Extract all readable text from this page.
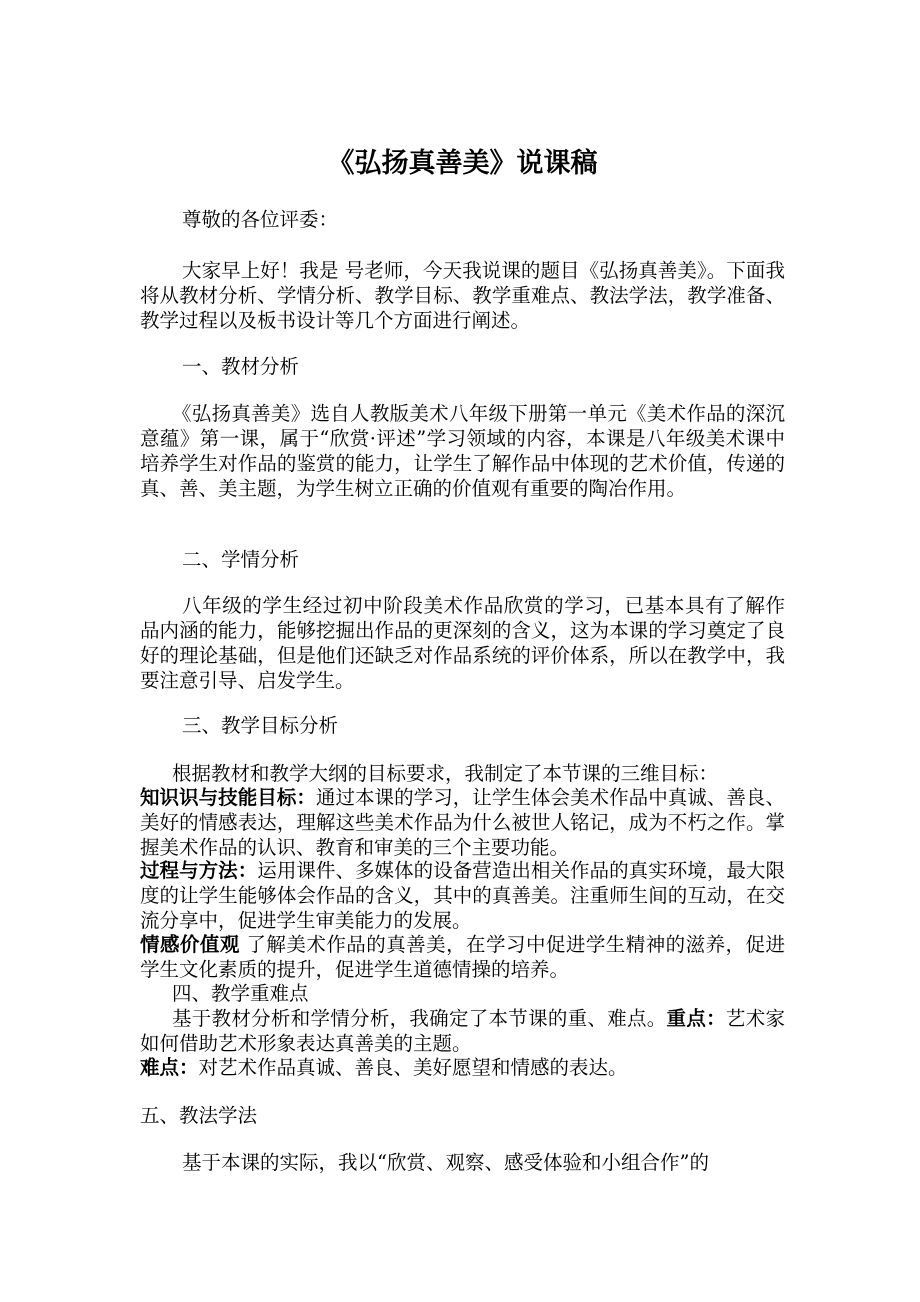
《弘扬真善美》说课稿
尊敬的各位评委：
大家早上好！我是 号老师，今天我说课的题目《弘扬真善美》。下面我将从教材分析、学情分析、教学目标、教学重难点、教法学法，教学准备、教学过程以及板书设计等几个方面进行阐述。
一、教材分析
《弘扬真善美》选自人教版美术八年级下册第一单元《美术作品的深沉意蕴》第一课，属于“欣赏·评述”学习领域的内容，本课是八年级美术课中培养学生对作品的鉴赏的能力，让学生了解作品中体现的艺术价值，传递的真、善、美主题，为学生树立正确的价值观有重要的陶冶作用。
二、学情分析
八年级的学生经过初中阶段美术作品欣赏的学习，已基本具有了解作品内涵的能力，能够挖掘出作品的更深刻的含义，这为本课的学习奠定了良好的理论基础，但是他们还缺乏对作品系统的评价体系，所以在教学中，我要注意引导、启发学生。
三、教学目标分析
根据教材和教学大纲的目标要求，我制定了本节课的三维目标：
知识识与技能目标：通过本课的学习，让学生体会美术作品中真诚、善良、美好的情感表达，理解这些美术作品为什么被世人铭记，成为不朽之作。掌握美术作品的认识、教育和审美的三个主要功能。
过程与方法：运用课件、多媒体的设备营造出相关作品的真实环境，最大限度的让学生能够体会作品的含义，其中的真善美。注重师生间的互动，在交流分享中，促进学生审美能力的发展。
情感价值观 了解美术作品的真善美，在学习中促进学生精神的滋养，促进学生文化素质的提升，促进学生道德情操的培养。
四、教学重难点
基于教材分析和学情分析，我确定了本节课的重、难点。重点：艺术家如何借助艺术形象表达真善美的主题。
难点：对艺术作品真诚、善良、美好愿望和情感的表达。
五、教法学法
基于本课的实际，我以“欣赏、观察、感受体验和小组合作”的
